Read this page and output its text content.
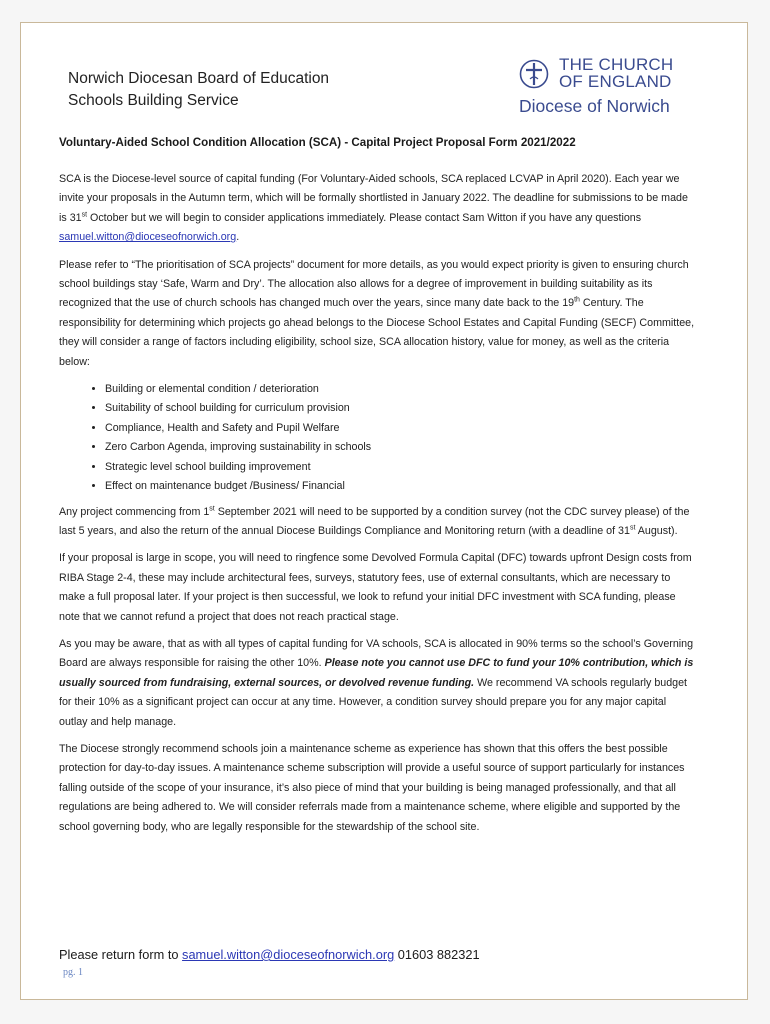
Norwich Diocesan Board of Education
Schools Building Service
THE CHURCH
OF ENGLAND
Diocese of Norwich
Voluntary-Aided School Condition Allocation (SCA) - Capital Project Proposal Form 2021/2022

SCA is the Diocese-level source of capital funding (For Voluntary-Aided schools, SCA replaced LCVAP in April 2020). Each year we invite your proposals in the Autumn term, which will be formally shortlisted in January 2022. The deadline for submissions to be made is 31st October but we will begin to consider applications immediately. Please contact Sam Witton if you have any questions samuel.witton@dioceseofnorwich.org.

Please refer to “The prioritisation of SCA projects” document for more details, as you would expect priority is given to ensuring church school buildings stay ‘Safe, Warm and Dry’. The allocation also allows for a degree of improvement in building suitability as its recognized that the use of church schools has changed much over the years, since many date back to the 19th Century. The responsibility for determining which projects go ahead belongs to the Diocese School Estates and Capital Funding (SECF) Committee, they will consider a range of factors including eligibility, school size, SCA allocation history, value for money, as well as the criteria below:

• Building or elemental condition / deterioration
• Suitability of school building for curriculum provision
• Compliance, Health and Safety and Pupil Welfare
• Zero Carbon Agenda, improving sustainability in schools
• Strategic level school building improvement
• Effect on maintenance budget /Business/ Financial

Any project commencing from 1st September 2021 will need to be supported by a condition survey (not the CDC survey please) of the last 5 years, and also the return of the annual Diocese Buildings Compliance and Monitoring return (with a deadline of 31st August).

If your proposal is large in scope, you will need to ringfence some Devolved Formula Capital (DFC) towards upfront Design costs from RIBA Stage 2-4, these may include architectural fees, surveys, statutory fees, use of external consultants, which are necessary to make a full proposal later. If your project is then successful, we look to refund your initial DFC investment with SCA funding, please note that we cannot refund a project that does not reach practical stage.

As you may be aware, that as with all types of capital funding for VA schools, SCA is allocated in 90% terms so the school’s Governing Board are always responsible for raising the other 10%. Please note you cannot use DFC to fund your 10% contribution, which is usually sourced from fundraising, external sources, or devolved revenue funding. We recommend VA schools regularly budget for their 10% as a significant project can occur at any time. However, a condition survey should prepare you for any major capital outlay and help manage.

The Diocese strongly recommend schools join a maintenance scheme as experience has shown that this offers the best possible protection for day-to-day issues. A maintenance scheme subscription will provide a useful source of support particularly for instances falling outside of the scope of your insurance, it’s also piece of mind that your building is being managed professionally, and that all regulations are being adhered to. We will consider referrals made from a maintenance scheme, where eligible and supported by the school governing body, who are legally responsible for the stewardship of the school site.

Please return form to samuel.witton@dioceseofnorwich.org 01603 882321
pg. 1
